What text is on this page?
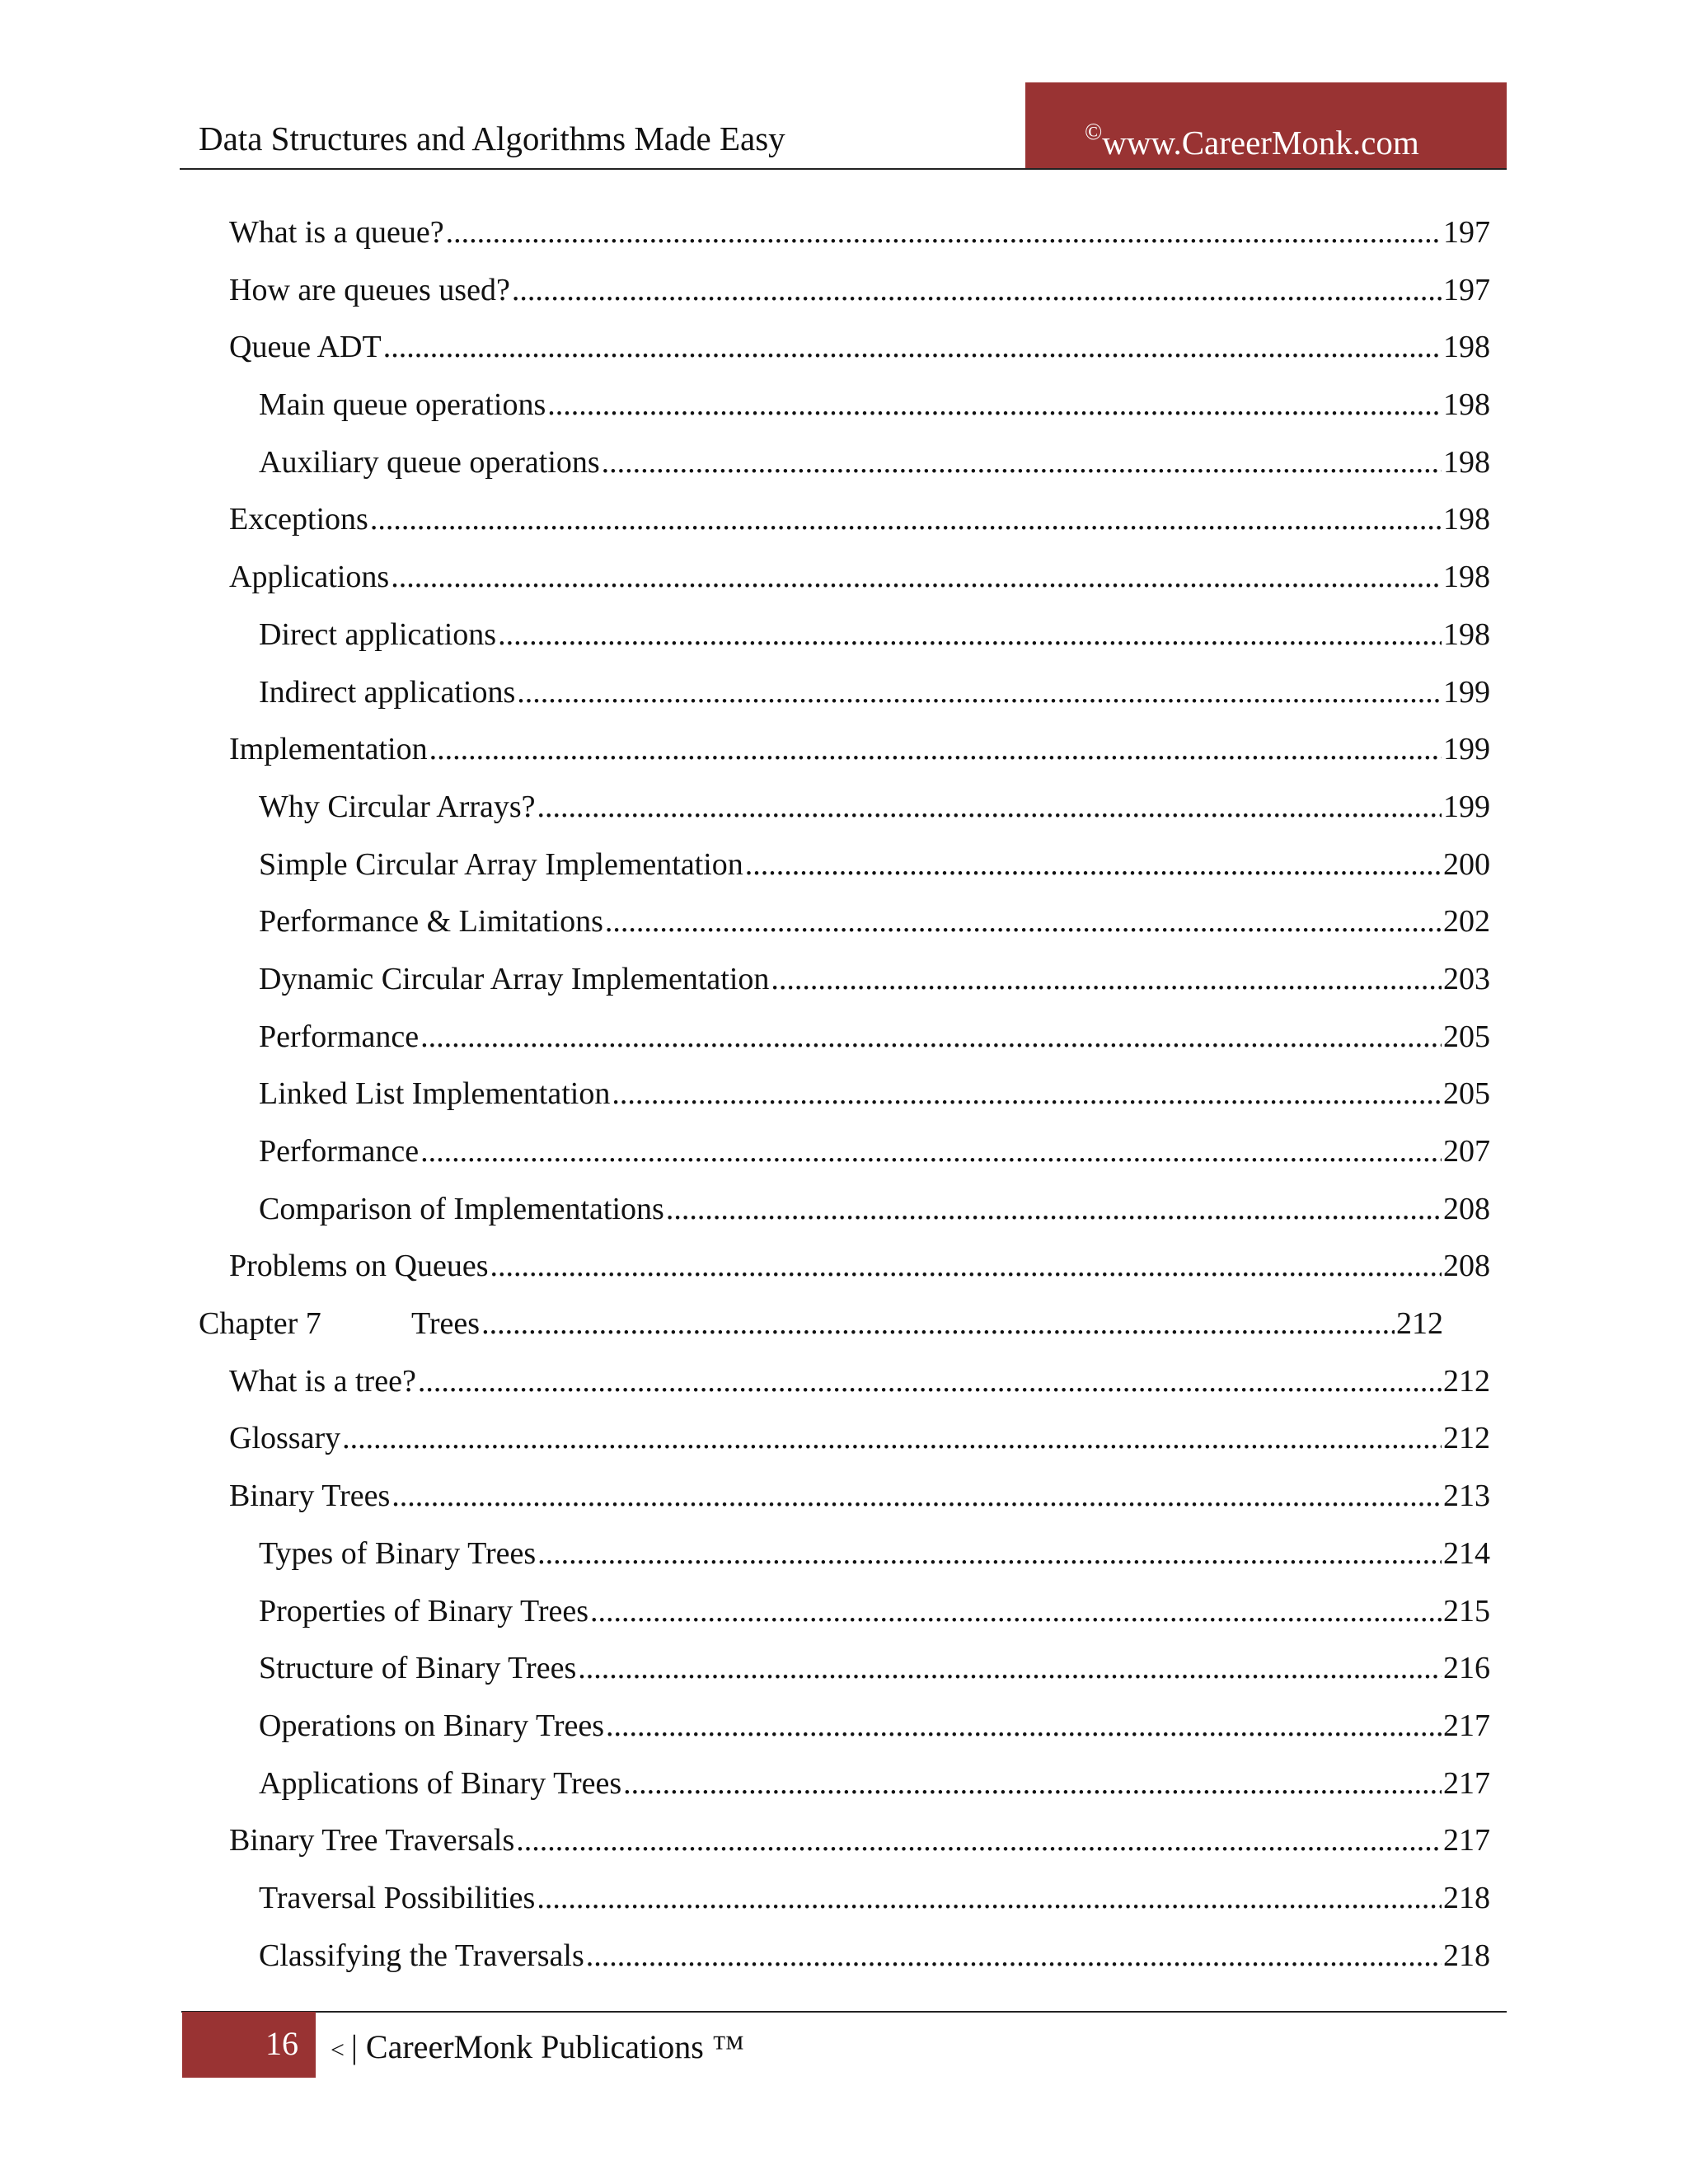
Data Structures and Algorithms Made Easy	©www.CareerMonk.com
What is a queue? .....	197
How are queues used? .....	197
Queue ADT .....	198
Main queue operations .....	198
Auxiliary queue operations .....	198
Exceptions .....	198
Applications .....	198
Direct applications .....	198
Indirect applications .....	199
Implementation .....	199
Why Circular Arrays? .....	199
Simple Circular Array Implementation .....	200
Performance & Limitations .....	202
Dynamic Circular Array Implementation .....	203
Performance .....	205
Linked List Implementation .....	205
Performance .....	207
Comparison of Implementations .....	208
Problems on Queues .....	208
Chapter 7	Trees .....	212
What is a tree? .....	212
Glossary .....	212
Binary Trees .....	213
Types of Binary Trees .....	214
Properties of Binary Trees .....	215
Structure of Binary Trees .....	216
Operations on Binary Trees .....	217
Applications of Binary Trees .....	217
Binary Tree Traversals .....	217
Traversal Possibilities .....	218
Classifying the Traversals .....	218
16 < | CareerMonk Publications ™
